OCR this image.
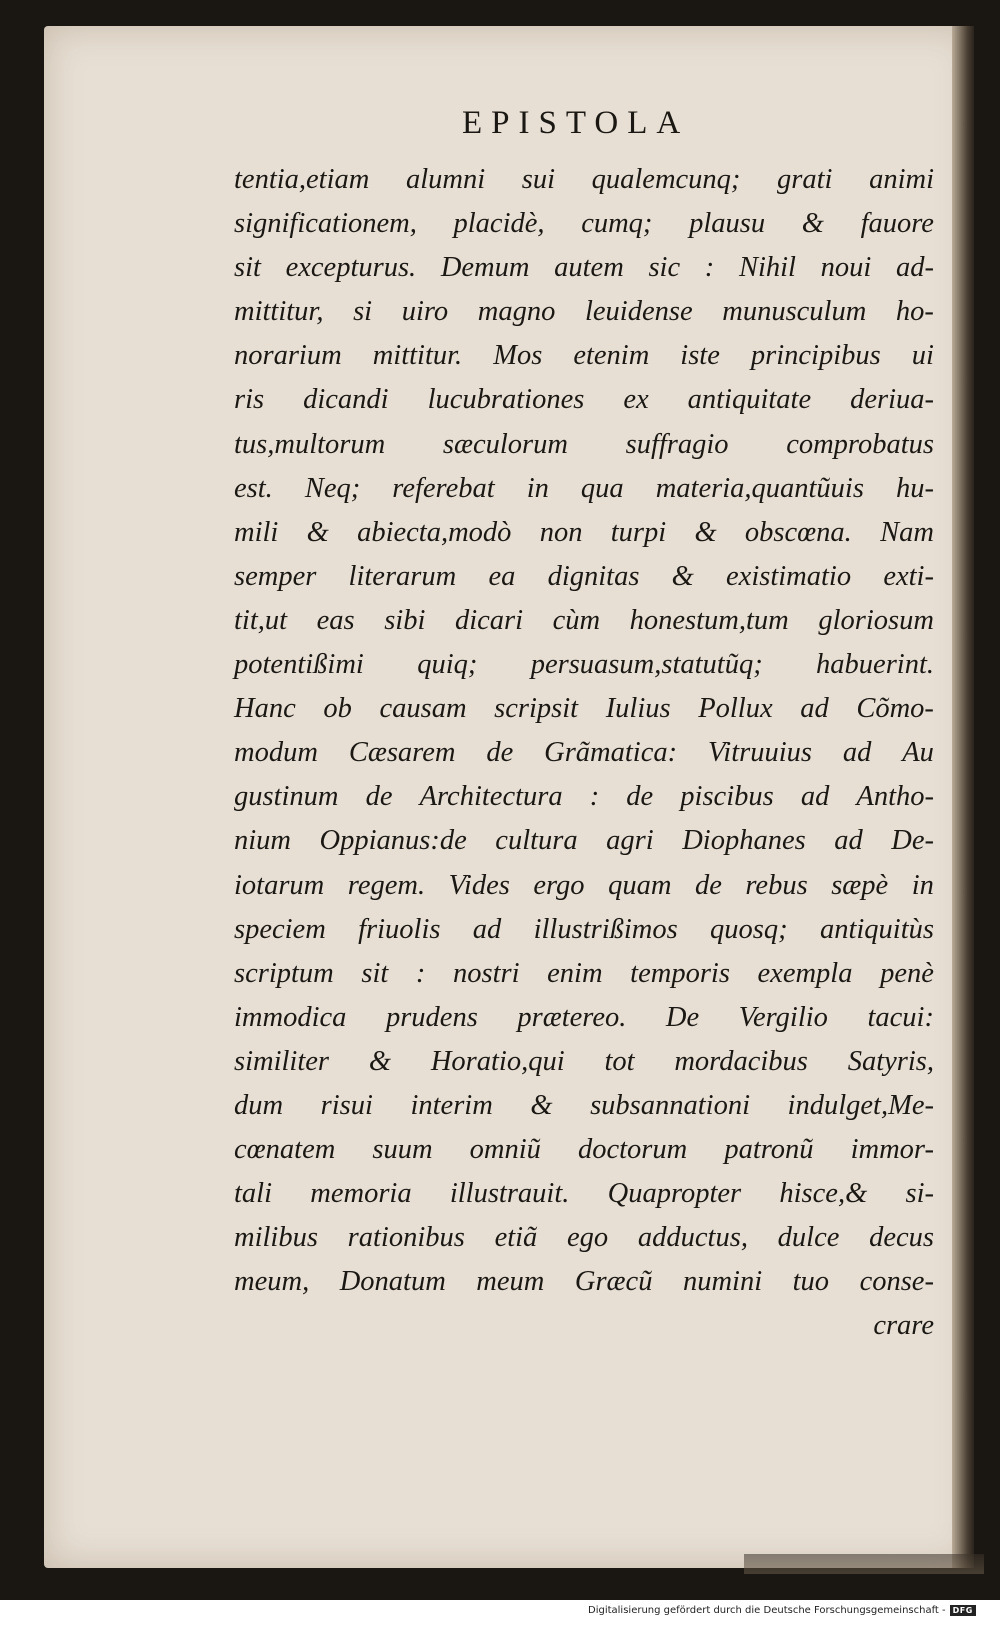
EPISTOLA
tentia,etiam alumni sui qualemcunq; grati animi
significationem, placidè, cumq; plausu & fauore
sit excepturus. Demum autem sic : Nihil noui ad-
mittitur, si uiro magno leuidense munusculum ho-
norarium mittitur. Mos etenim iste principibus ui
ris dicandi lucubrationes ex antiquitate deriua-
tus,multorum sæculorum suffragio comprobatus
est. Neq; referebat in qua materia,quantũuis hu-
mili & abiecta,modò non turpi & obscœna. Nam
semper literarum ea dignitas & existimatio exti-
tit,ut eas sibi dicari cùm honestum,tum gloriosum
potentißimi quiq; persuasum,statutũq; habuerint.
Hanc ob causam scripsit Iulius Pollux ad Cõmo-
modum Cæsarem de Grãmatica: Vitruuius ad Au
gustinum de Architectura : de piscibus ad Antho-
nium Oppianus:de cultura agri Diophanes ad De-
iotarum regem. Vides ergo quam de rebus sæpè in
speciem friuolis ad illustrißimos quosq; antiquitùs
scriptum sit : nostri enim temporis exempla penè
immodica prudens prætereo. De Vergilio tacui:
similiter & Horatio,qui tot mordacibus Satyris,
dum risui interim & subsannationi indulget,Me-
cœnatem suum omniũ doctorum patronũ immor-
tali memoria illustrauit. Quapropter hisce,& si-
milibus rationibus etiã ego adductus, dulce decus
meum, Donatum meum Græcũ numini tuo conse-
crare
Digitalisierung gefördert durch die Deutsche Forschungsgemeinschaft - DFG
